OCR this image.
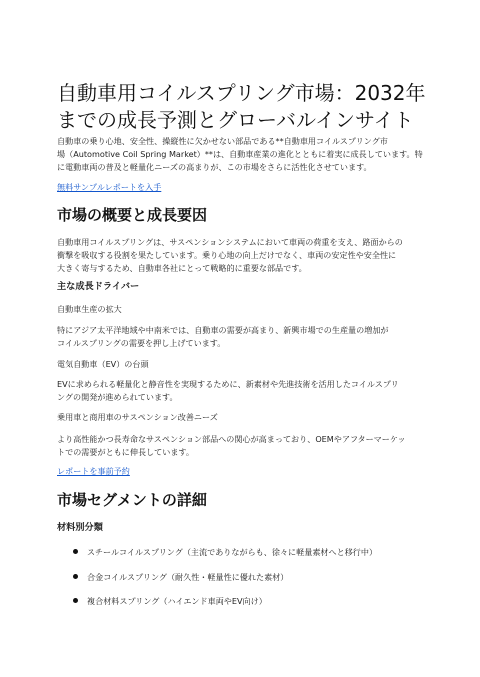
自動車用コイルスプリング市場：2032年までの成長予測とグローバルインサイト
自動車の乗り心地、安全性、操縦性に欠かせない部品である**自動車用コイルスプリング市
場（Automotive Coil Spring Market）**は、自動車産業の進化とともに着実に成長しています。特
に電動車両の普及と軽量化ニーズの高まりが、この市場をさらに活性化させています。
無料サンプルレポートを入手
市場の概要と成長要因
自動車用コイルスプリングは、サスペンションシステムにおいて車両の荷重を支え、路面からの
衝撃を吸収する役割を果たしています。乗り心地の向上だけでなく、車両の安定性や安全性に
大きく寄与するため、自動車各社にとって戦略的に重要な部品です。
主な成長ドライバー
自動車生産の拡大
特にアジア太平洋地域や中南米では、自動車の需要が高まり、新興市場での生産量の増加が
コイルスプリングの需要を押し上げています。
電気自動車（EV）の台頭
EVに求められる軽量化と静音性を実現するために、新素材や先進技術を活用したコイルスプリ
ングの開発が進められています。
乗用車と商用車のサスペンション改善ニーズ
より高性能かつ長寿命なサスペンション部品への関心が高まっており、OEMやアフターマーケッ
トでの需要がともに伸長しています。
レポートを事前予約
市場セグメントの詳細
材料別分類
スチールコイルスプリング（主流でありながらも、徐々に軽量素材へと移行中）
合金コイルスプリング（耐久性・軽量性に優れた素材）
複合材料スプリング（ハイエンド車両やEV向け）
